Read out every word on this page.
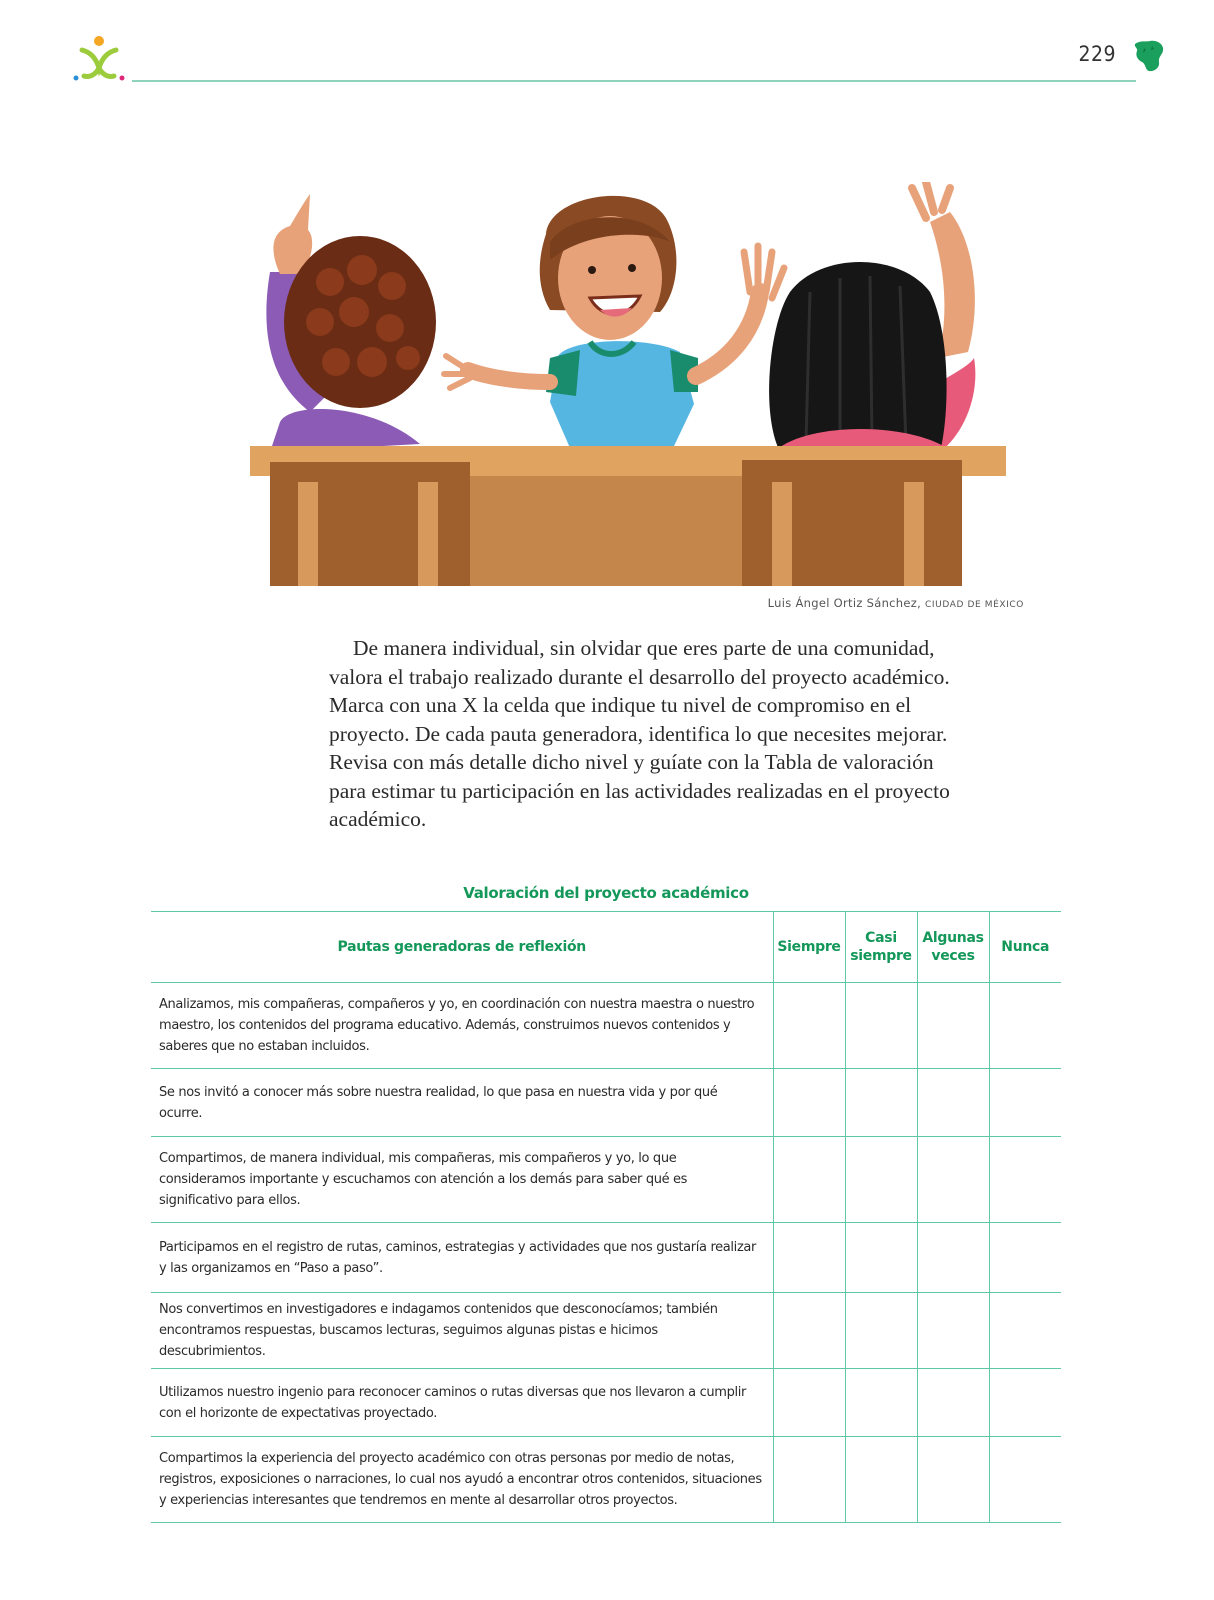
229
Luis Ángel Ortiz Sánchez, CIUDAD DE MÉXICO

De manera individual, sin olvidar que eres parte de una comunidad, valora el trabajo realizado durante el desarrollo del proyecto académico. Marca con una X la celda que indique tu nivel de compromiso en el proyecto. De cada pauta generadora, identifica lo que necesites mejorar. Revisa con más detalle dicho nivel y guíate con la Tabla de valoración para estimar tu participación en las actividades realizadas en el proyecto académico.

Valoración del proyecto académico
Pautas generadoras de reflexión	Siempre	Casi siempre	Algunas veces	Nunca
Analizamos, mis compañeras, compañeros y yo, en coordinación con nuestra maestra o nuestro maestro, los contenidos del programa educativo. Además, construimos nuevos contenidos y saberes que no estaban incluidos.				
Se nos invitó a conocer más sobre nuestra realidad, lo que pasa en nuestra vida y por qué ocurre.				
Compartimos, de manera individual, mis compañeras, mis compañeros y yo, lo que consideramos importante y escuchamos con atención a los demás para saber qué es significativo para ellos.				
Participamos en el registro de rutas, caminos, estrategias y actividades que nos gustaría realizar y las organizamos en “Paso a paso”.				
Nos convertimos en investigadores e indagamos contenidos que desconocíamos; también encontramos respuestas, buscamos lecturas, seguimos algunas pistas e hicimos descubrimientos.				
Utilizamos nuestro ingenio para reconocer caminos o rutas diversas que nos llevaron a cumplir con el horizonte de expectativas proyectado.				
Compartimos la experiencia del proyecto académico con otras personas por medio de notas, registros, exposiciones o narraciones, lo cual nos ayudó a encontrar otros contenidos, situaciones y experiencias interesantes que tendremos en mente al desarrollar otros proyectos.				
